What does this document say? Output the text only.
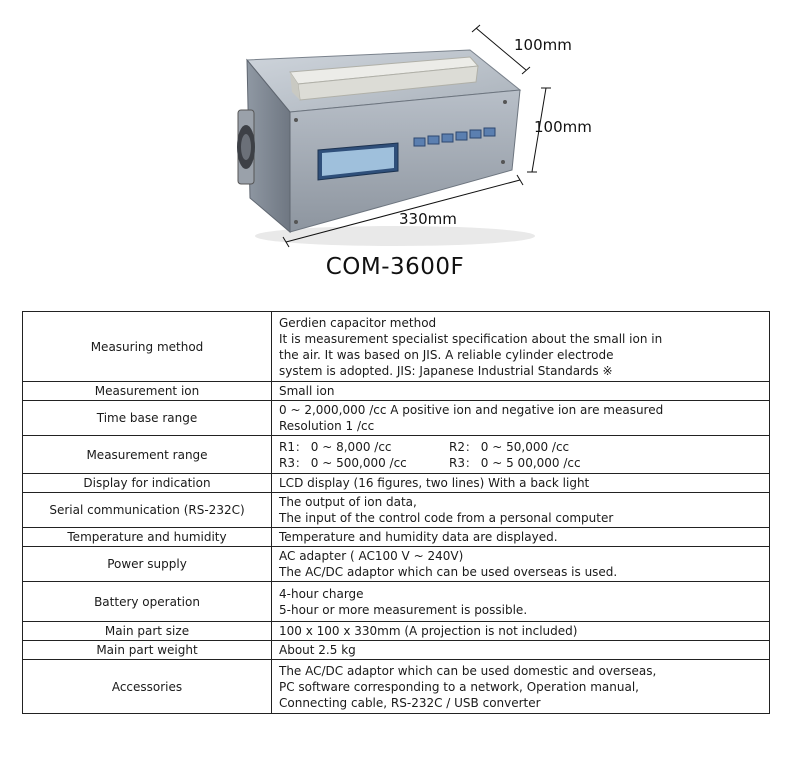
100mm
100mm
330mm
COM-3600F
Measuring method	Gerdien capacitor method
It is measurement specialist specification about the small ion in
the air. It was based on JIS. A reliable cylinder electrode
system is adopted. JIS: Japanese Industrial Standards ※

Measurement ion	Small ion

Time base range	0 ~ 2,000,000 /cc A positive ion and negative ion are measured
Resolution 1 /cc

Measurement range	R1： 0 ~ 8,000 /cc R2： 0 ~ 50,000 /cc
R3： 0 ~ 500,000 /cc R3： 0 ~ 5 00,000 /cc

Display for indication	LCD display (16 figures, two lines) With a back light

Serial communication (RS-232C)	The output of ion data,
The input of the control code from a personal computer

Temperature and humidity	Temperature and humidity data are displayed.

Power supply	AC adapter ( AC100 V ~ 240V)
The AC/DC adaptor which can be used overseas is used.

Battery operation	4-hour charge
5-hour or more measurement is possible.

Main part size	100 x 100 x 330mm (A projection is not included)

Main part weight	About 2.5 kg

Accessories	The AC/DC adaptor which can be used domestic and overseas,
PC software corresponding to a network, Operation manual,
Connecting cable, RS-232C / USB converter
